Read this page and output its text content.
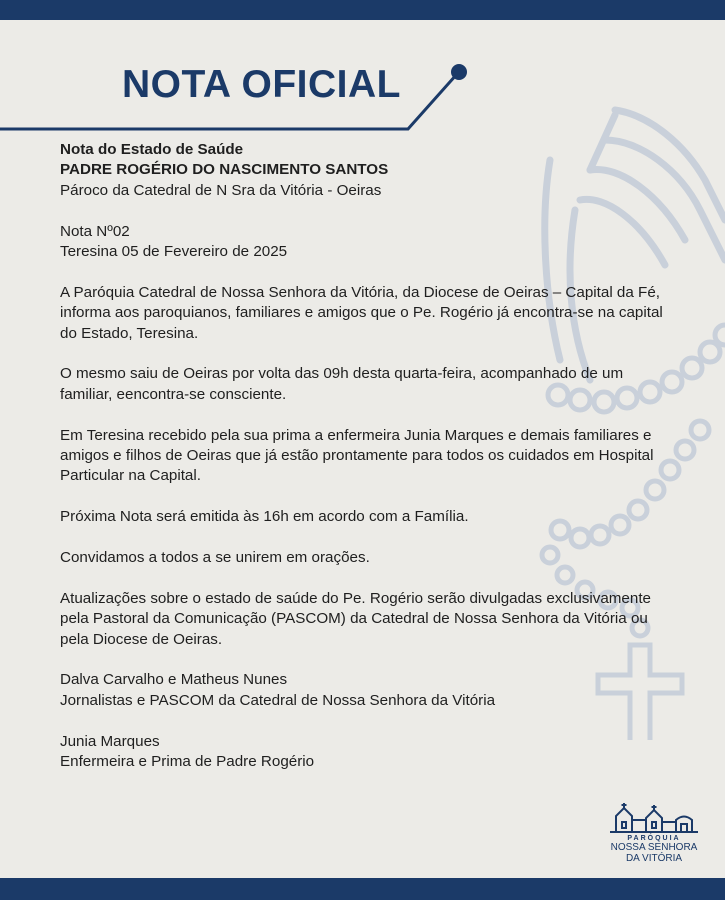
NOTA OFICIAL

Nota do Estado de Saúde

PADRE ROGÉRIO DO NASCIMENTO SANTOS

Pároco da Catedral de N Sra da Vitória - Oeiras

Nota Nº02

Teresina 05 de Fevereiro de 2025

A Paróquia Catedral de Nossa Senhora da Vitória, da Diocese de Oeiras – Capital da Fé, informa aos paroquianos, familiares e amigos que o Pe. Rogério já encontra-se na capital do Estado, Teresina.

O mesmo saiu de Oeiras por volta das 09h desta quarta-feira, acompanhado de um familiar, eencontra-se consciente.

Em Teresina recebido pela sua prima a enfermeira Junia Marques e demais familiares e amigos e filhos de Oeiras que já estão prontamente para todos os cuidados em Hospital Particular na Capital.

Próxima Nota será emitida às 16h em acordo com a Família.

Convidamos a todos a se unirem em orações.

Atualizações sobre o estado de saúde do Pe. Rogério serão divulgadas exclusivamente pela Pastoral da Comunicação (PASCOM) da Catedral de Nossa Senhora da Vitória ou pela Diocese de Oeiras.

Dalva Carvalho e Matheus Nunes

Jornalistas e PASCOM da Catedral de Nossa Senhora da Vitória

Junia Marques

Enfermeira e Prima de Padre Rogério

PARÓQUIA
NOSSA SENHORA
DA VITÓRIA
